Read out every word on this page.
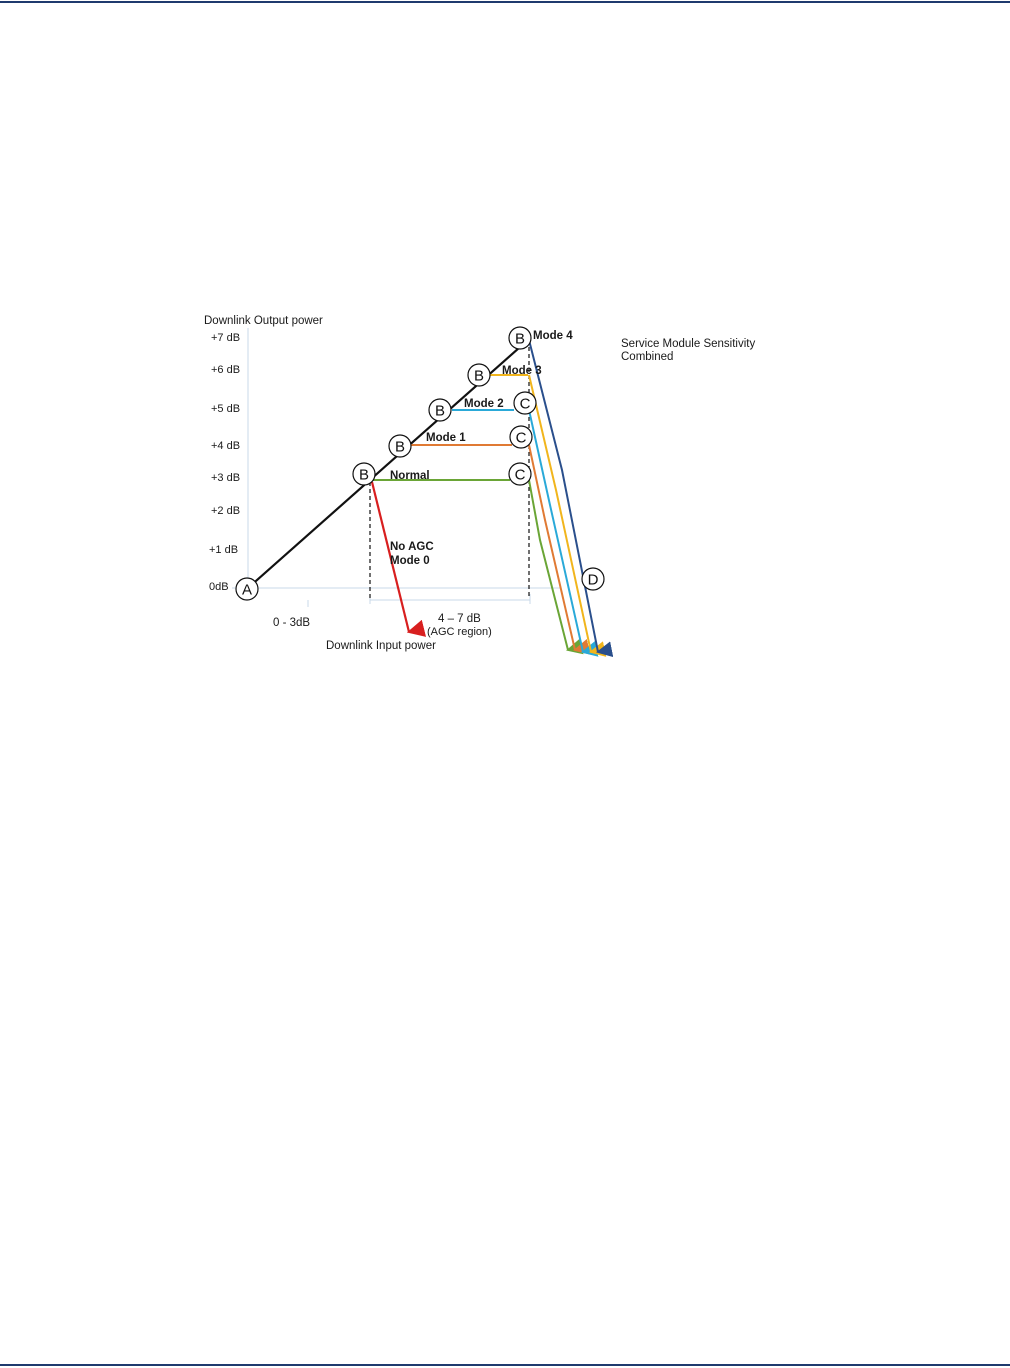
Downlink Output power
+7 dB
+6 dB
+5 dB
+4 dB
+3 dB
+2 dB
+1 dB
0dB
0 - 3dB	4 – 7 dB
(AGC region)
Downlink Input power
Service Module Sensitivity
Combined
Normal
Mode 1
Mode 2
Mode 3
Mode 4
No AGC
Mode 0
A
B
B
B
B
B
C
C
C
D
